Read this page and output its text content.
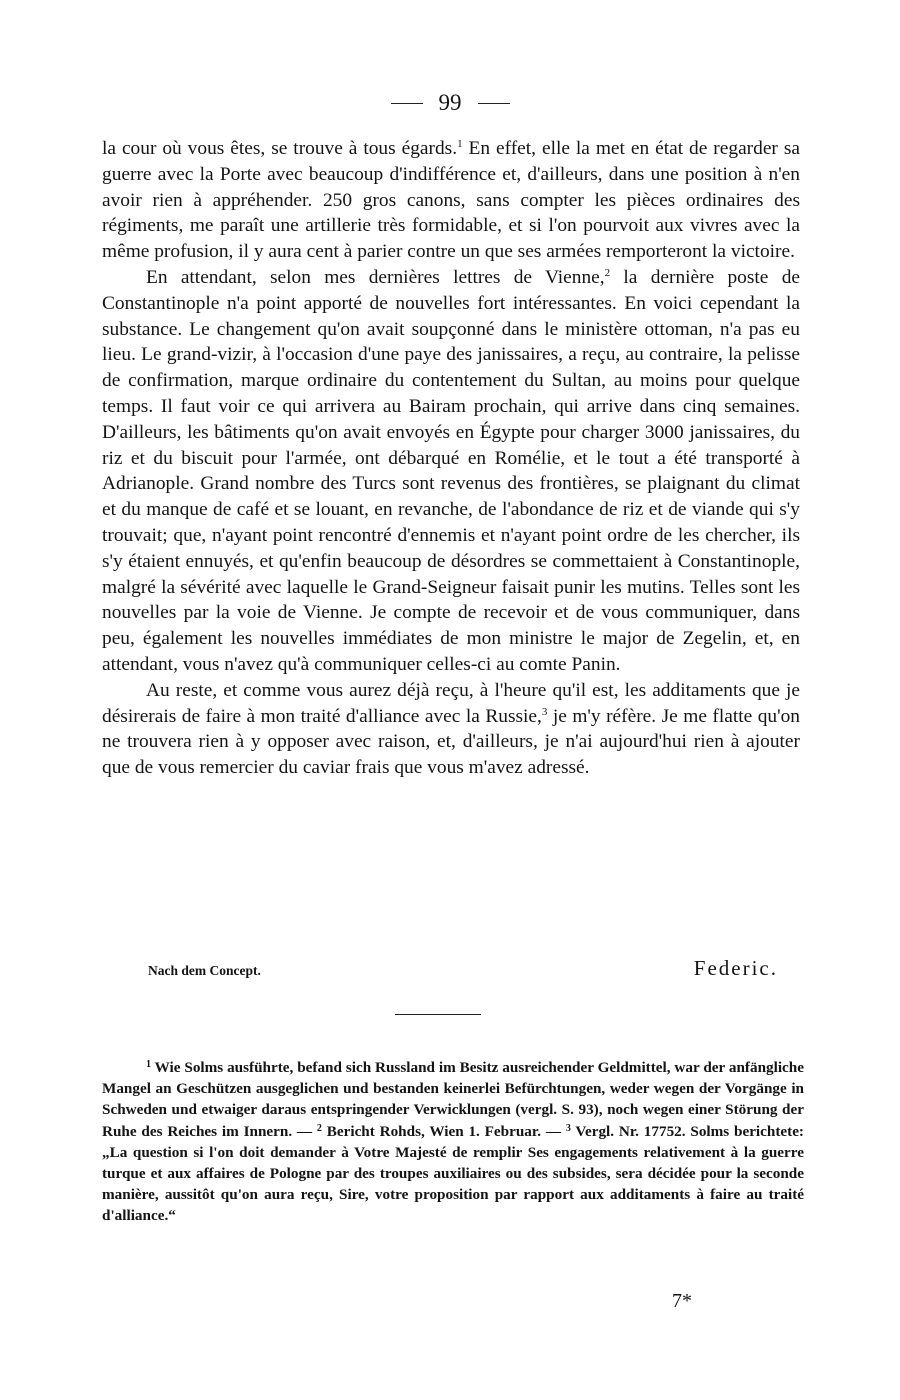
99

la cour où vous êtes, se trouve à tous égards.$^1$ En effet, elle la met en état de regarder sa guerre avec la Porte avec beaucoup d'indifférence et, d'ailleurs, dans une position à n'en avoir rien à appréhender. 250 gros canons, sans compter les pièces ordinaires des régiments, me paraît une artillerie très formidable, et si l'on pourvoit aux vivres avec la même profusion, il y aura cent à parier contre un que ses armées remporteront la victoire.

En attendant, selon mes dernières lettres de Vienne,$^2$ la dernière poste de Constantinople n'a point apporté de nouvelles fort intéressantes. En voici cependant la substance. Le changement qu'on avait soupçonné dans le ministère ottoman, n'a pas eu lieu. Le grand-vizir, à l'occasion d'une paye des janissaires, a reçu, au contraire, la pelisse de confirmation, marque ordinaire du contentement du Sultan, au moins pour quelque temps. Il faut voir ce qui arrivera au Bairam prochain, qui arrive dans cinq semaines. D'ailleurs, les bâtiments qu'on avait envoyés en Égypte pour charger 3000 janissaires, du riz et du biscuit pour l'armée, ont débarqué en Romélie, et le tout a été transporté à Adrianople. Grand nombre des Turcs sont revenus des frontières, se plaignant du climat et du manque de café et se louant, en revanche, de l'abondance de riz et de viande qui s'y trouvait; que, n'ayant point rencontré d'ennemis et n'ayant point ordre de les chercher, ils s'y étaient ennuyés, et qu'enfin beaucoup de désordres se commettaient à Constantinople, malgré la sévérité avec laquelle le Grand-Seigneur faisait punir les mutins. Telles sont les nouvelles par la voie de Vienne. Je compte de recevoir et de vous communiquer, dans peu, également les nouvelles immédiates de mon ministre le major de Zegelin, et, en attendant, vous n'avez qu'à communiquer celles-ci au comte Panin.

Au reste, et comme vous aurez déjà reçu, à l'heure qu'il est, les additaments que je désirerais de faire à mon traité d'alliance avec la Russie,$^3$ je m'y réfère. Je me flatte qu'on ne trouvera rien à y opposer avec raison, et, d'ailleurs, je n'ai aujourd'hui rien à ajouter que de vous remercier du caviar frais que vous m'avez adressé.

Nach dem Concept.	Federic.

$^1$ Wie Solms ausführte, befand sich Russland im Besitz ausreichender Geldmittel, war der anfängliche Mangel an Geschützen ausgeglichen und bestanden keinerlei Befürchtungen, weder wegen der Vorgänge in Schweden und etwaiger daraus entspringender Verwicklungen (vergl. S. 93), noch wegen einer Störung der Ruhe des Reiches im Innern. — $^2$ Bericht Rohds, Wien 1. Februar. — $^3$ Vergl. Nr. 17752. Solms berichtete: „La question si l'on doit demander à Votre Majesté de remplir Ses engagements relativement à la guerre turque et aux affaires de Pologne par des troupes auxiliaires ou des subsides, sera décidée pour la seconde manière, aussitôt qu'on aura reçu, Sire, votre proposition par rapport aux additaments à faire au traité d'alliance.“

7*
